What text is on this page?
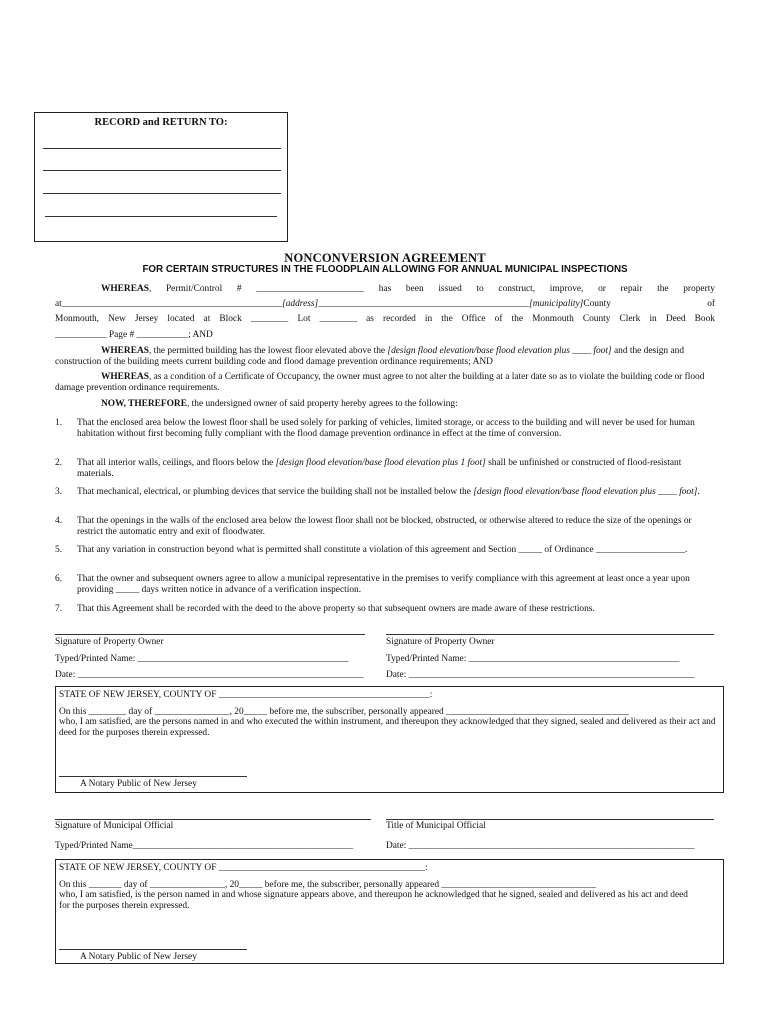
RECORD and RETURN TO:
NONCONVERSION AGREEMENT
FOR CERTAIN STRUCTURES IN THE FLOODPLAIN ALLOWING FOR ANNUAL MUNICIPAL INSPECTIONS
WHEREAS, Permit/Control # _______________________ has been issued to construct, improve, or repair the property
at_______________________________________________[address]_____________________________________________[municipality]County	of
Monmouth, New Jersey located at Block ________ Lot ________ as recorded in the Office of the Monmouth County Clerk in Deed Book
___________ Page # ___________; AND
WHEREAS, the permitted building has the lowest floor elevated above the [design flood elevation/base flood elevation plus ____ foot] and the design and construction of the building meets current building code and flood damage prevention ordinance requirements; AND
WHEREAS, as a condition of a Certificate of Occupancy, the owner must agree to not alter the building at a later date so as to violate the building code or flood damage prevention ordinance requirements.
NOW, THEREFORE, the undersigned owner of said property hereby agrees to the following:
1. That the enclosed area below the lowest floor shall be used solely for parking of vehicles, limited storage, or access to the building and will never be used for human habitation without first becoming fully compliant with the flood damage prevention ordinance in effect at the time of conversion.
2. That all interior walls, ceilings, and floors below the [design flood elevation/base flood elevation plus 1 foot] shall be unfinished or constructed of flood-resistant materials.
3. That mechanical, electrical, or plumbing devices that service the building shall not be installed below the [design flood elevation/base flood elevation plus ____ foot].
4. That the openings in the walls of the enclosed area below the lowest floor shall not be blocked, obstructed, or otherwise altered to reduce the size of the openings or restrict the automatic entry and exit of floodwater.
5. That any variation in construction beyond what is permitted shall constitute a violation of this agreement and Section _____ of Ordinance ___________________.
6. That the owner and subsequent owners agree to allow a municipal representative in the premises to verify compliance with this agreement at least once a year upon providing _____ days written notice in advance of a verification inspection.
7. That this Agreement shall be recorded with the deed to the above property so that subsequent owners are made aware of these restrictions.
Signature of Property Owner	Signature of Property Owner
Typed/Printed Name: _____________________________________________	Typed/Printed Name: _____________________________________________
Date: _____________________________________________________________ Date: _____________________________________________________________
STATE OF NEW JERSEY, COUNTY OF _____________________________________________:
On this ________ day of ________________, 20_____ before me, the subscriber, personally appeared _______________________________________
who, I am satisfied, are the persons named in and who executed the within instrument, and thereupon they acknowledged that they signed, sealed and delivered as their act and deed for the purposes therein expressed.
A Notary Public of New Jersey
Signature of Municipal Official	Title of Municipal Official
Typed/Printed Name_______________________________________________	Date: _____________________________________________________________
STATE OF NEW JERSEY, COUNTY OF ____________________________________________:
On this _______ day of ________________, 20_____ before me, the subscriber, personally appeared _________________________________
who, I am satisfied, is the person named in and whose signature appears above, and thereupon he acknowledged that he signed, sealed and delivered as his act and deed for the purposes therein expressed.
A Notary Public of New Jersey
